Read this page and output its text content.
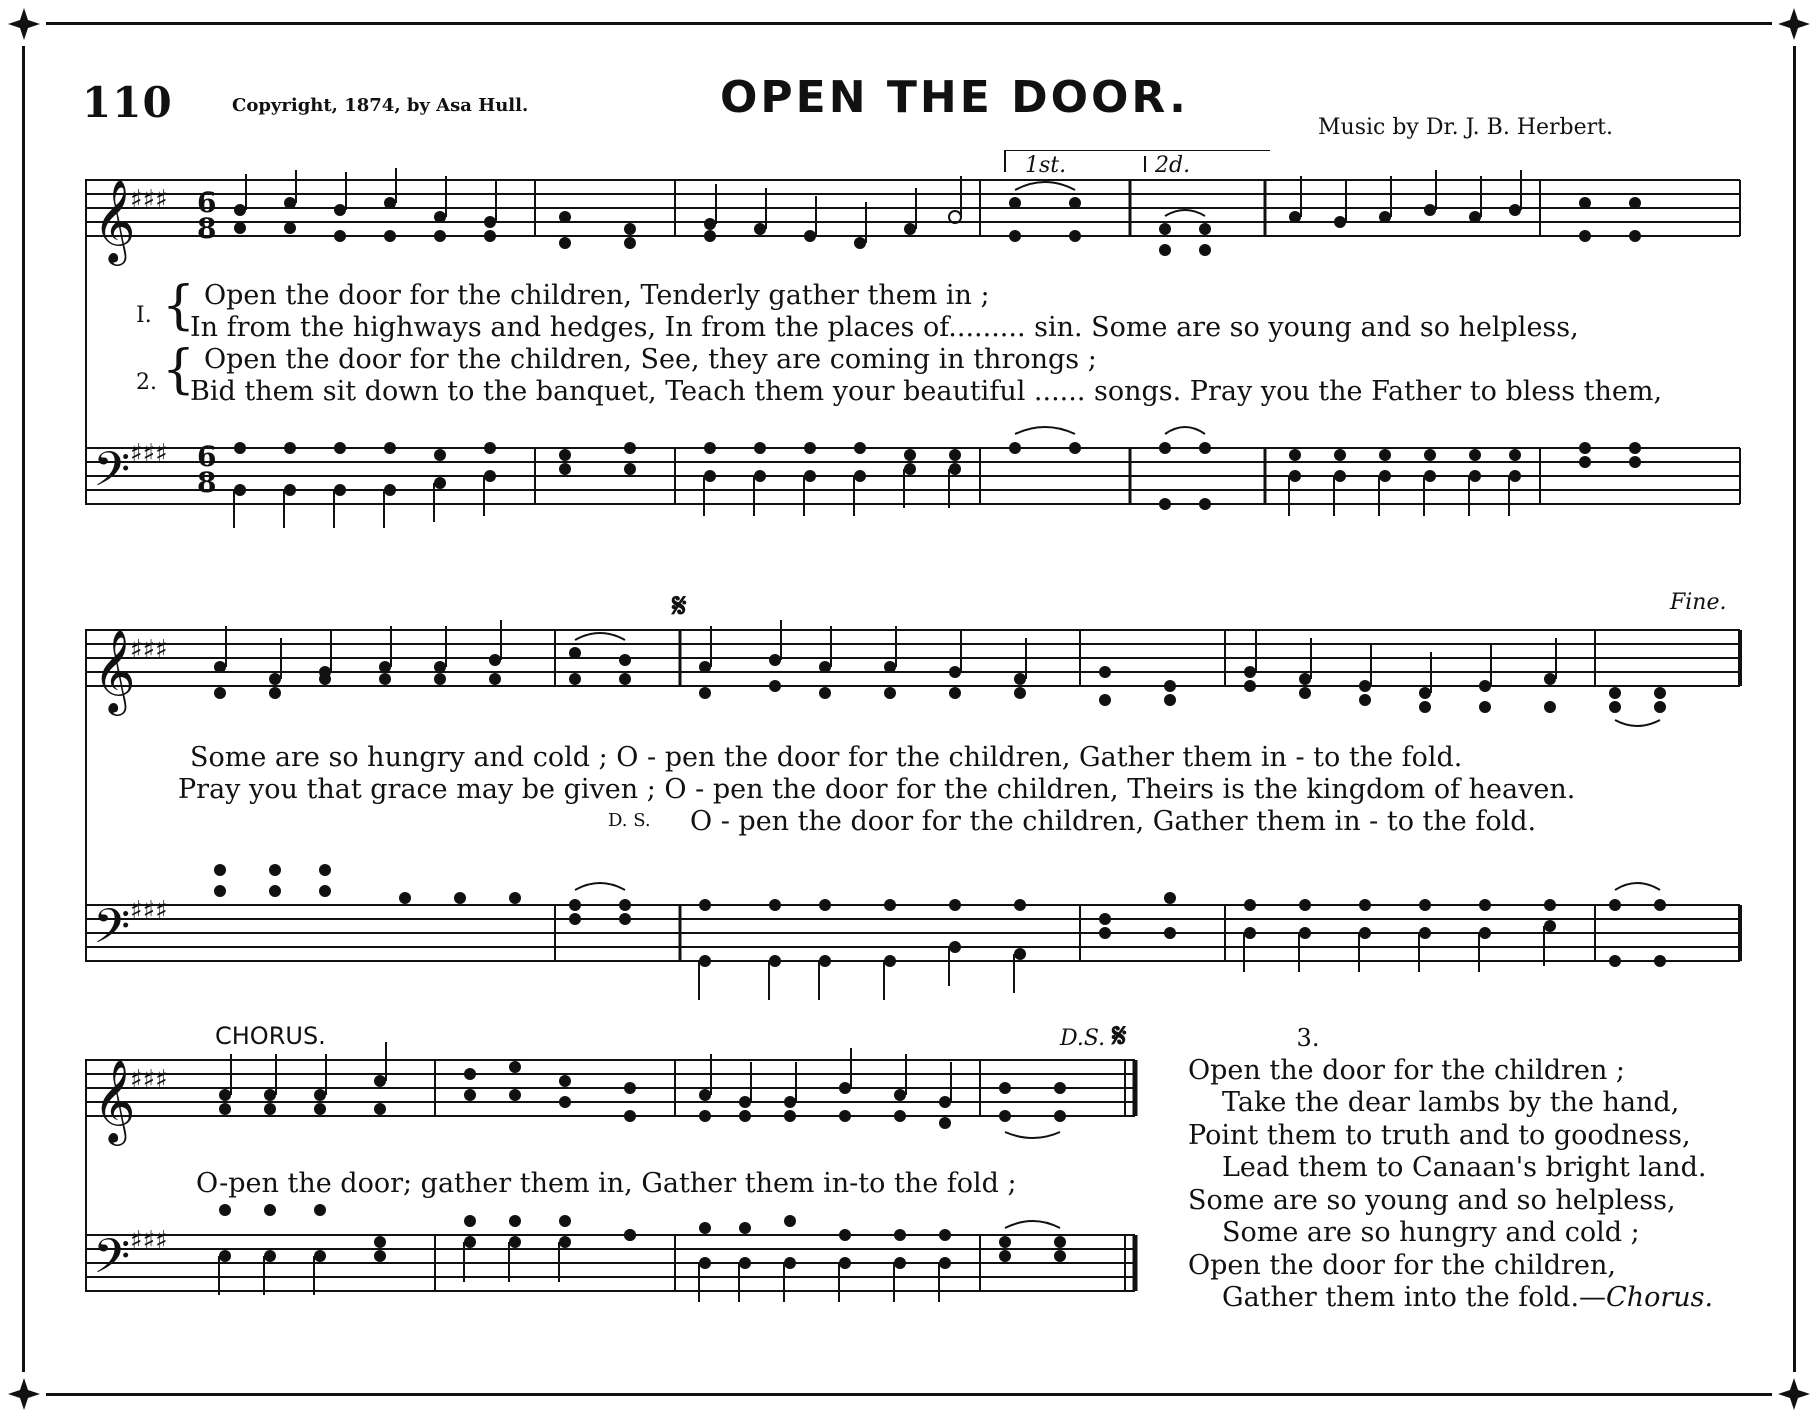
110	Copyright, 1874, by Asa Hull.	OPEN THE DOOR.
Music by Dr. J. B. Herbert.
𝄞
♯♯♯ 6
8
𝄢 ♯♯♯ 6
8
1st.	2d.
I. { Open the door for the children, Tenderly gather them in ;
In from the highways and hedges, In from the places of......... sin. Some are so young and so helpless,
2. { Open the door for the children, See, they are coming in throngs ;
Bid them sit down to the banquet, Teach them your beautiful ...... songs. Pray you the Father to bless them,
𝄞
♯♯♯
𝄢 ♯♯♯
𝄋	Fine.
Some are so hungry and cold ; O - pen the door for the children, Gather them in - to the fold.
Pray you that grace may be given ; O - pen the door for the children, Theirs is the kingdom of heaven.
D. S. O - pen the door for the children, Gather them in - to the fold.
𝄞
♯♯♯
𝄢 ♯♯♯
CHORUS.	D.S. 𝄋
O-pen the door; gather them in, Gather them in-to the fold ;
3.
Open the door for the children ;
Take the dear lambs by the hand,
Point them to truth and to goodness,
Lead them to Canaan's bright land.
Some are so young and so helpless,
Some are so hungry and cold ;
Open the door for the children,
Gather them into the fold.—Chorus.
